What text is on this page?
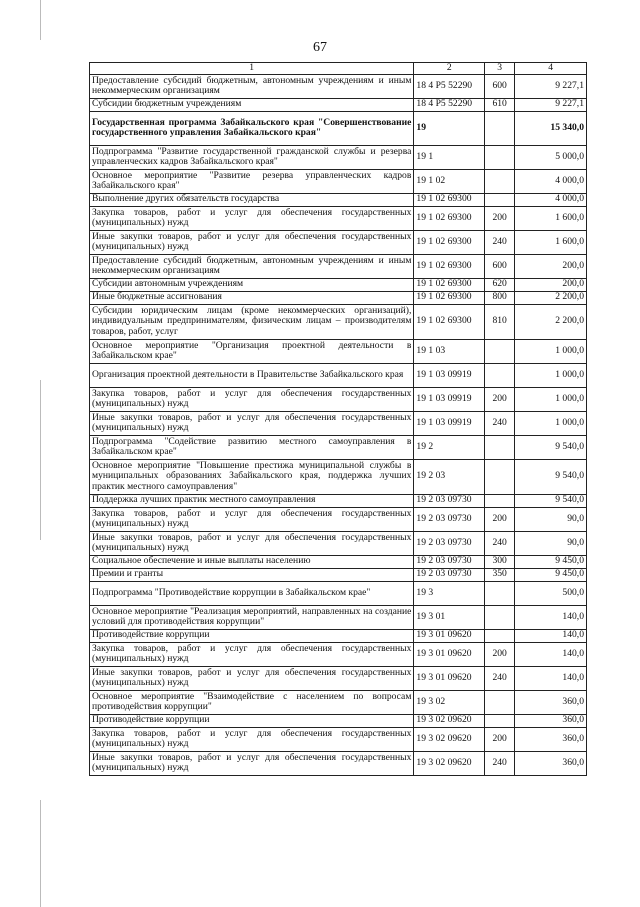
67
1	2	3	4
Предоставление субсидий бюджетным, автономным учреждениям и иным некоммерческим организациям	18 4 P5 52290	600	9 227,1
Субсидии бюджетным учреждениям	18 4 P5 52290	610	9 227,1
Государственная программа Забайкальского края "Совершенствование государственного управления Забайкальского края"	19		15 340,0
Подпрограмма "Развитие государственной гражданской службы и резерва управленческих кадров Забайкальского края"	19 1		5 000,0
Основное мероприятие "Развитие резерва управленческих кадров Забайкальского края"	19 1 02		4 000,0
Выполнение других обязательств государства	19 1 02 69300		4 000,0
Закупка товаров, работ и услуг для обеспечения государственных (муниципальных) нужд	19 1 02 69300	200	1 600,0
Иные закупки товаров, работ и услуг для обеспечения государственных (муниципальных) нужд	19 1 02 69300	240	1 600,0
Предоставление субсидий бюджетным, автономным учреждениям и иным некоммерческим организациям	19 1 02 69300	600	200,0
Субсидии автономным учреждениям	19 1 02 69300	620	200,0
Иные бюджетные ассигнования	19 1 02 69300	800	2 200,0
Субсидии юридическим лицам (кроме некоммерческих организаций), индивидуальным предпринимателям, физическим лицам – производителям товаров, работ, услуг	19 1 02 69300	810	2 200,0
Основное мероприятие "Организация проектной деятельности в Забайкальском крае"	19 1 03		1 000,0
Организация проектной деятельности в Правительстве Забайкальского края	19 1 03 09919		1 000,0
Закупка товаров, работ и услуг для обеспечения государственных (муниципальных) нужд	19 1 03 09919	200	1 000,0
Иные закупки товаров, работ и услуг для обеспечения государственных (муниципальных) нужд	19 1 03 09919	240	1 000,0
Подпрограмма "Содействие развитию местного самоуправления в Забайкальском крае"	19 2		9 540,0
Основное мероприятие "Повышение престижа муниципальной службы в муниципальных образованиях Забайкальского края, поддержка лучших практик местного самоуправления"	19 2 03		9 540,0
Поддержка лучших практик местного самоуправления	19 2 03 09730		9 540,0
Закупка товаров, работ и услуг для обеспечения государственных (муниципальных) нужд	19 2 03 09730	200	90,0
Иные закупки товаров, работ и услуг для обеспечения государственных (муниципальных) нужд	19 2 03 09730	240	90,0
Социальное обеспечение и иные выплаты населению	19 2 03 09730	300	9 450,0
Премии и гранты	19 2 03 09730	350	9 450,0
Подпрограмма "Противодействие коррупции в Забайкальском крае"	19 3		500,0
Основное мероприятие "Реализация мероприятий, направленных на создание условий для противодействия коррупции"	19 3 01		140,0
Противодействие коррупции	19 3 01 09620		140,0
Закупка товаров, работ и услуг для обеспечения государственных (муниципальных) нужд	19 3 01 09620	200	140,0
Иные закупки товаров, работ и услуг для обеспечения государственных (муниципальных) нужд	19 3 01 09620	240	140,0
Основное мероприятие "Взаимодействие с населением по вопросам противодействия коррупции"	19 3 02		360,0
Противодействие коррупции	19 3 02 09620		360,0
Закупка товаров, работ и услуг для обеспечения государственных (муниципальных) нужд	19 3 02 09620	200	360,0
Иные закупки товаров, работ и услуг для обеспечения государственных (муниципальных) нужд	19 3 02 09620	240	360,0
